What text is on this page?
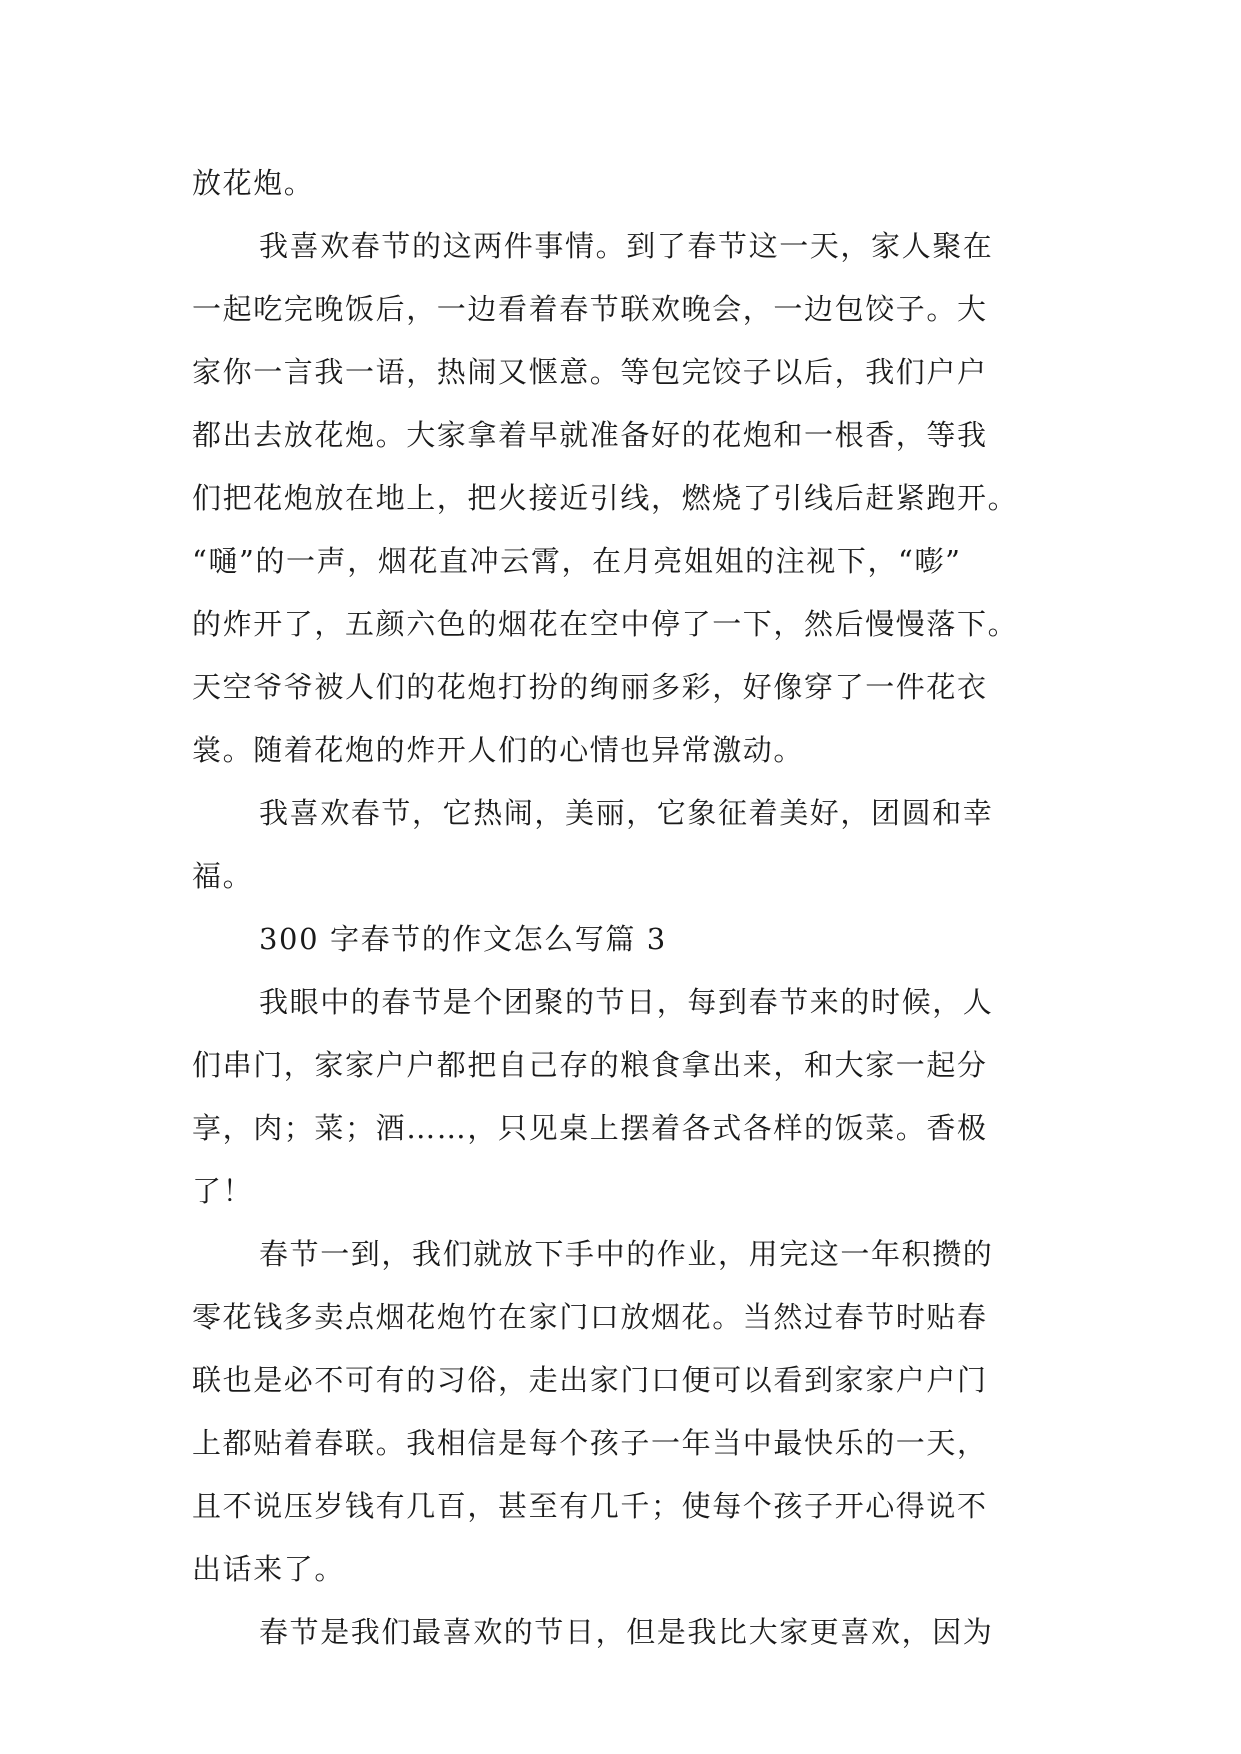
放花炮。
我喜欢春节的这两件事情。到了春节这一天，家人聚在
一起吃完晚饭后，一边看着春节联欢晚会，一边包饺子。大
家你一言我一语，热闹又惬意。等包完饺子以后，我们户户
都出去放花炮。大家拿着早就准备好的花炮和一根香，等我
们把花炮放在地上，把火接近引线，燃烧了引线后赶紧跑开。
“嗵”的一声，烟花直冲云霄，在月亮姐姐的注视下，“嘭”
的炸开了，五颜六色的烟花在空中停了一下，然后慢慢落下。
天空爷爷被人们的花炮打扮的绚丽多彩，好像穿了一件花衣
裳。随着花炮的炸开人们的心情也异常激动。
我喜欢春节，它热闹，美丽，它象征着美好，团圆和幸
福。
300 字春节的作文怎么写篇 3
我眼中的春节是个团聚的节日，每到春节来的时候，人
们串门，家家户户都把自己存的粮食拿出来，和大家一起分
享，肉；菜；酒……，只见桌上摆着各式各样的饭菜。香极
了！
春节一到，我们就放下手中的作业，用完这一年积攒的
零花钱多卖点烟花炮竹在家门口放烟花。当然过春节时贴春
联也是必不可有的习俗，走出家门口便可以看到家家户户门
上都贴着春联。我相信是每个孩子一年当中最快乐的一天，
且不说压岁钱有几百，甚至有几千；使每个孩子开心得说不
出话来了。
春节是我们最喜欢的节日，但是我比大家更喜欢，因为
